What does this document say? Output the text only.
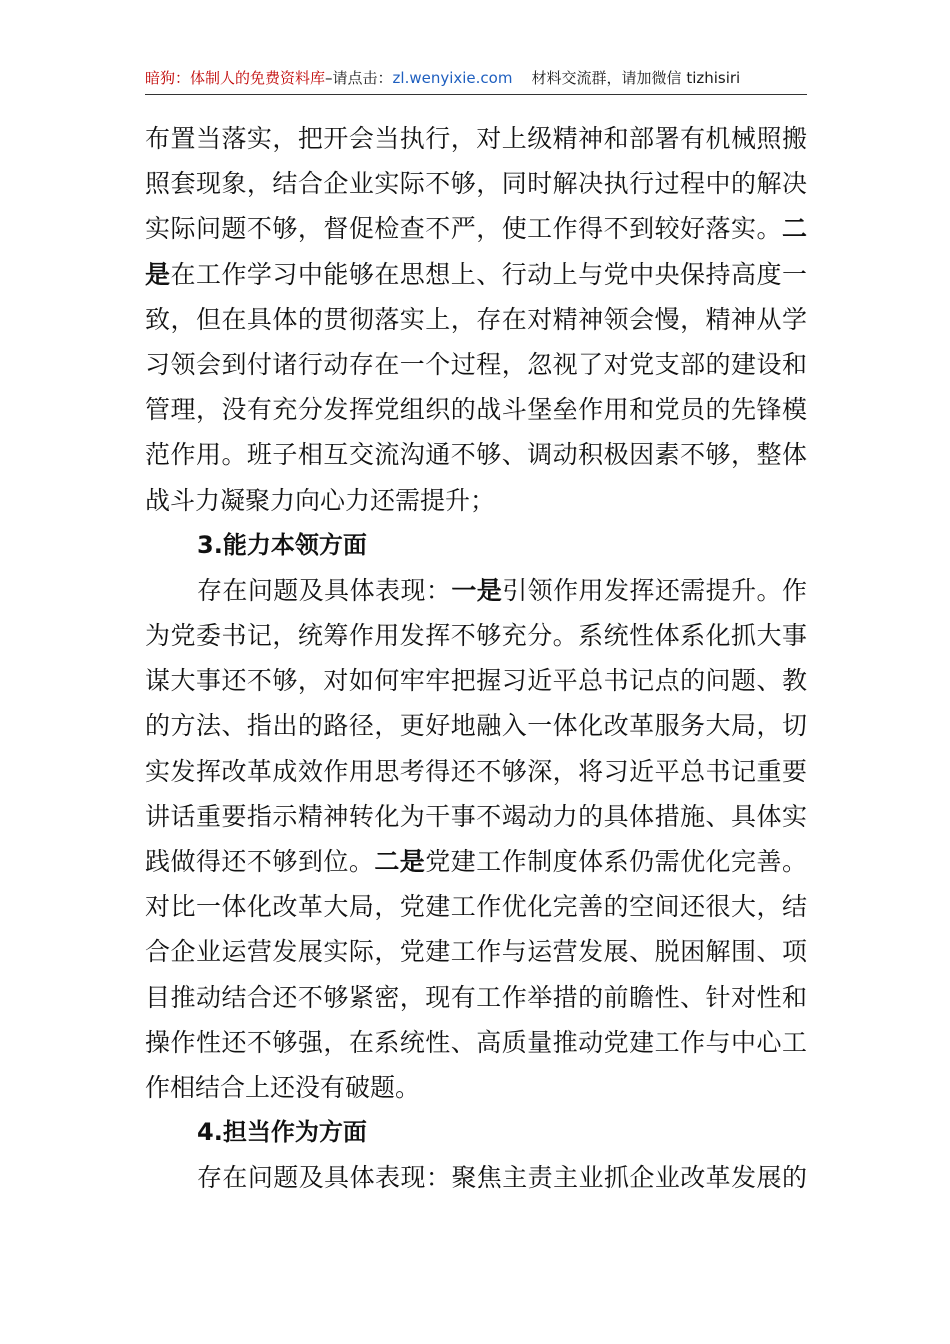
暗狗：体制人的免费资料库–请点击：zl.wenyixie.com 材料交流群，请加微信 tizhisiri
布置当落实，把开会当执行，对上级精神和部署有机械照搬
照套现象，结合企业实际不够，同时解决执行过程中的解决
实际问题不够，督促检查不严，使工作得不到较好落实。二
是在工作学习中能够在思想上、行动上与党中央保持高度一
致，但在具体的贯彻落实上，存在对精神领会慢，精神从学
习领会到付诸行动存在一个过程，忽视了对党支部的建设和
管理，没有充分发挥党组织的战斗堡垒作用和党员的先锋模
范作用。班子相互交流沟通不够、调动积极因素不够，整体
战斗力凝聚力向心力还需提升；
3.能力本领方面
存在问题及具体表现：一是引领作用发挥还需提升。作
为党委书记，统筹作用发挥不够充分。系统性体系化抓大事
谋大事还不够，对如何牢牢把握习近平总书记点的问题、教
的方法、指出的路径，更好地融入一体化改革服务大局，切
实发挥改革成效作用思考得还不够深，将习近平总书记重要
讲话重要指示精神转化为干事不竭动力的具体措施、具体实
践做得还不够到位。二是党建工作制度体系仍需优化完善。
对比一体化改革大局，党建工作优化完善的空间还很大，结
合企业运营发展实际，党建工作与运营发展、脱困解围、项
目推动结合还不够紧密，现有工作举措的前瞻性、针对性和
操作性还不够强，在系统性、高质量推动党建工作与中心工
作相结合上还没有破题。
4.担当作为方面
存在问题及具体表现：聚焦主责主业抓企业改革发展的
